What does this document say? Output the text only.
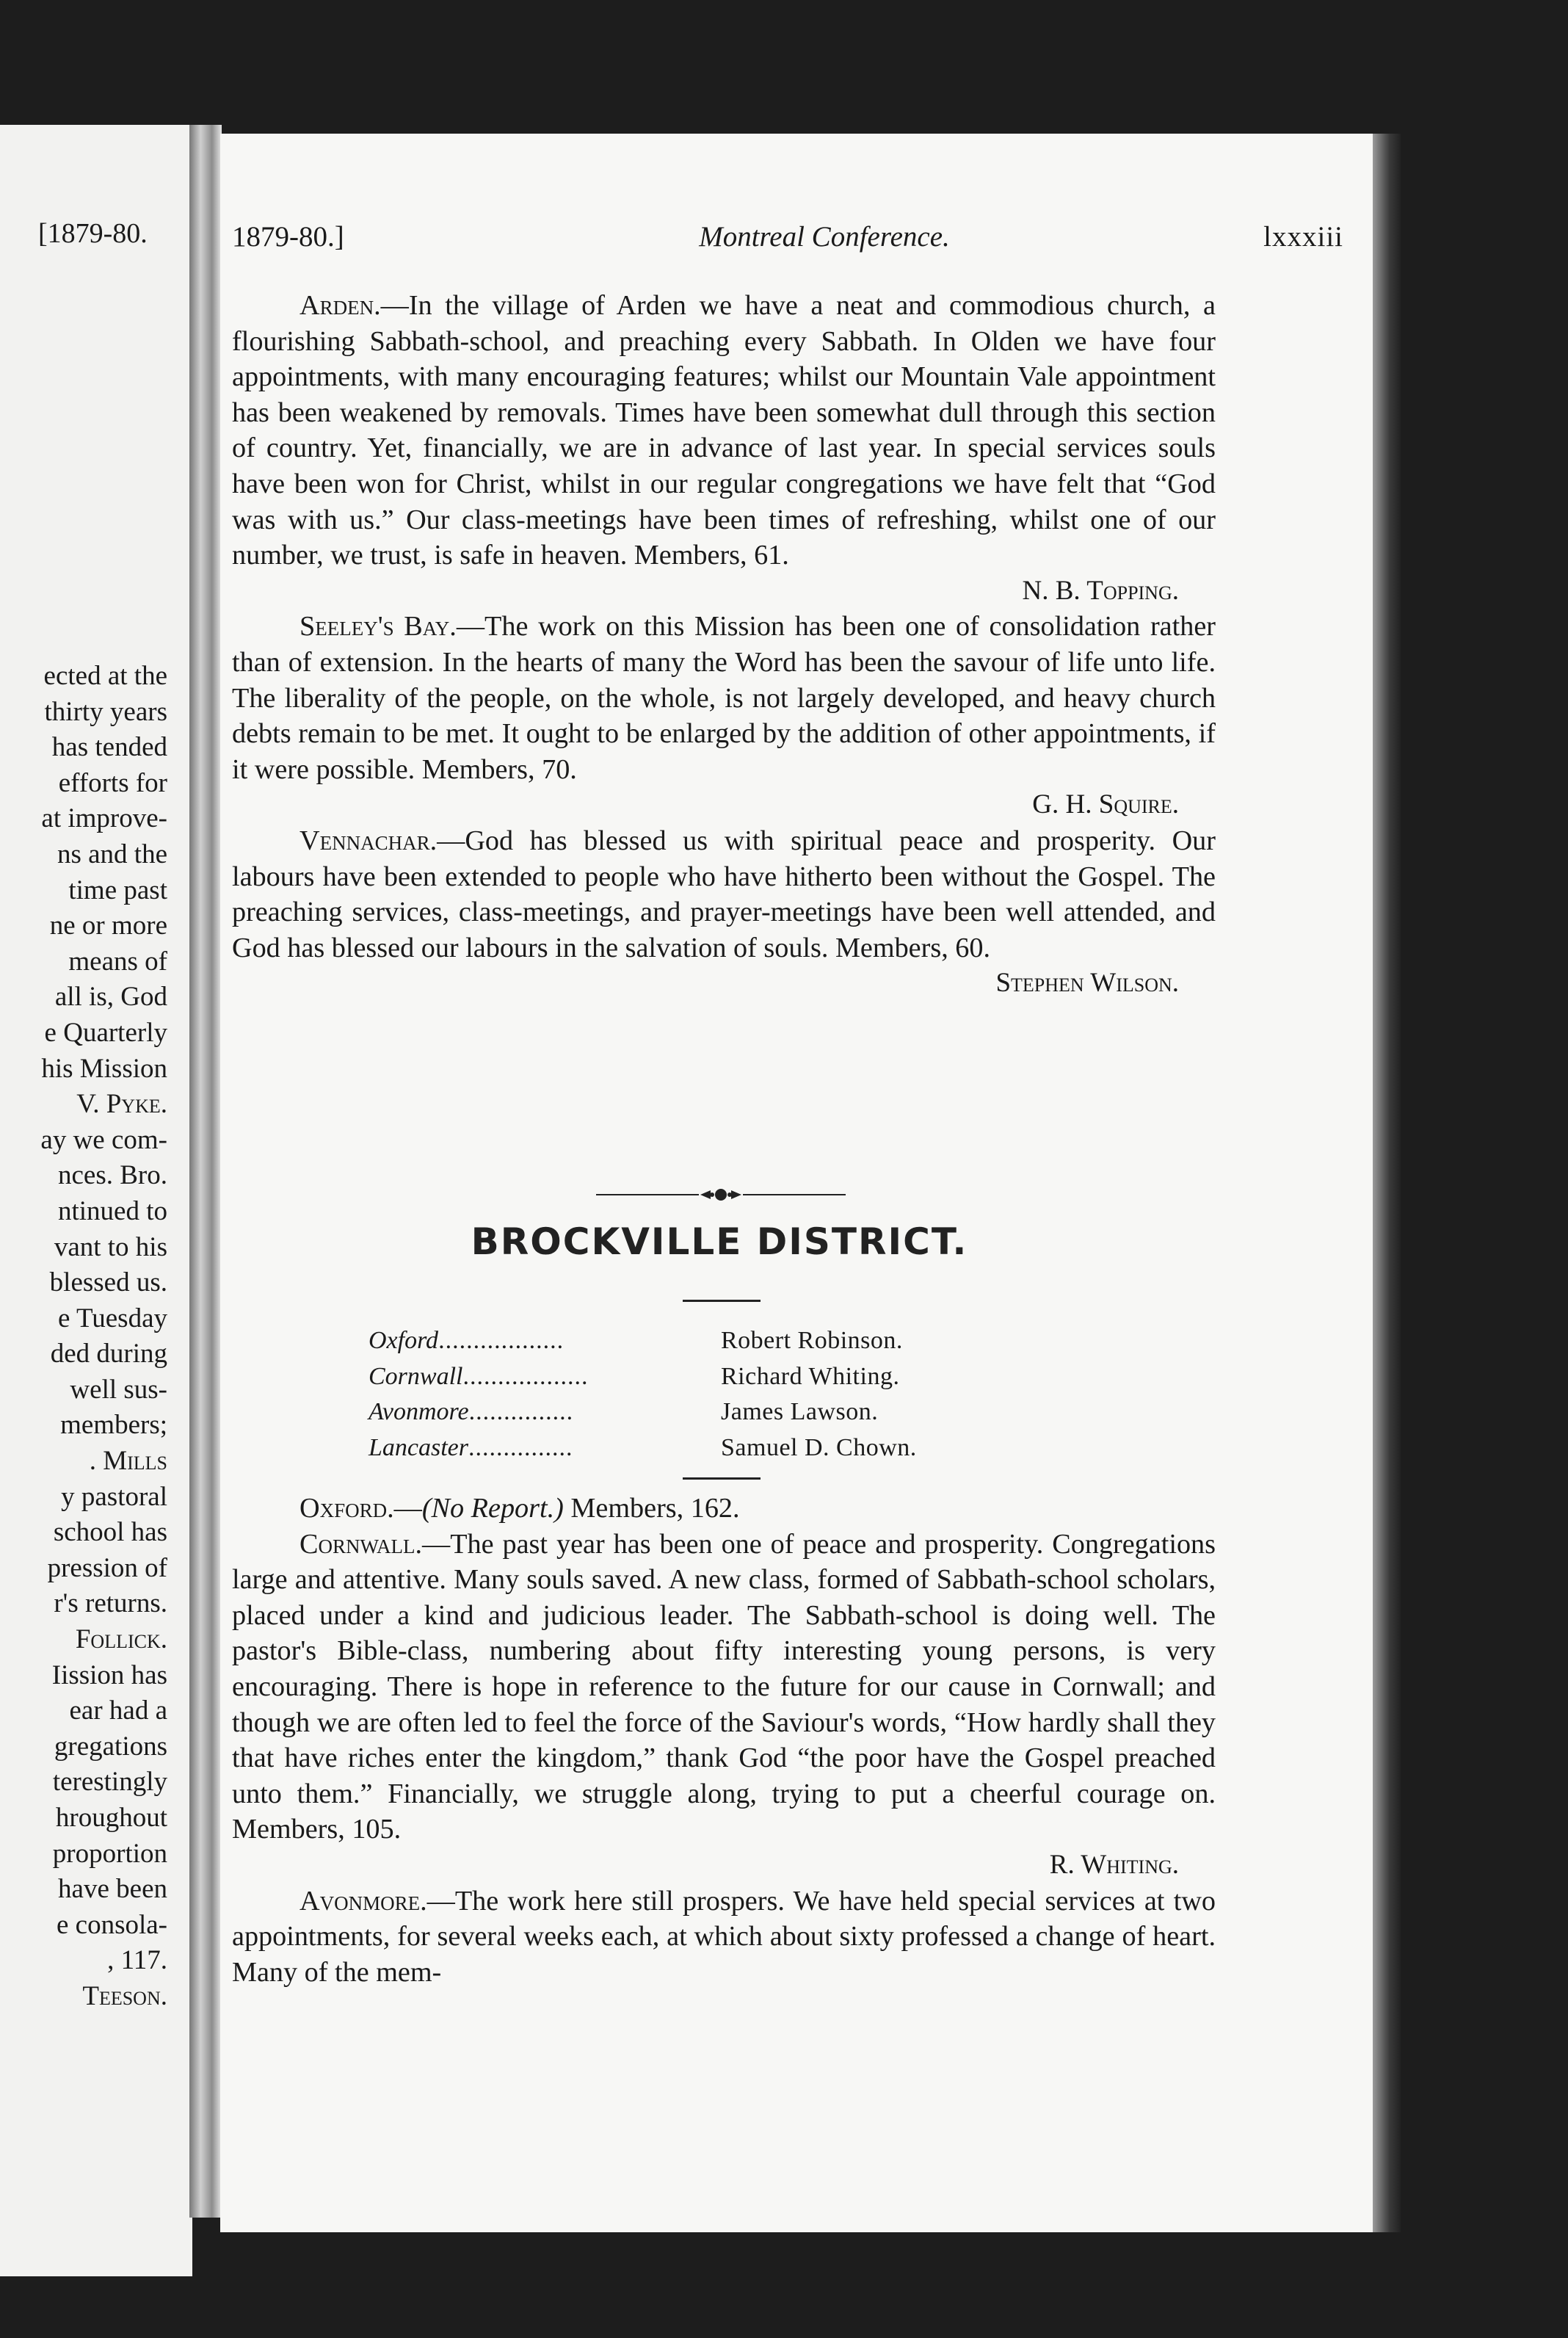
[1879-80.
ected at the
thirty years
has tended
efforts for
at improve-
ns and the
time past
ne or more
means of
all is, God
e Quarterly
his Mission
V. Pyke.
ay we com-
nces. Bro.
ntinued to
vant to his
blessed us.
e Tuesday
ded during
well sus-
members;
. Mills
y pastoral
school has
pression of
r's returns.
Follick.
Iission has
ear had a
gregations
terestingly
hroughout
proportion
have been
e consola-
, 117.
Teeson.
1879-80.]	Montreal Conference.	lxxxiii

Arden.—In the village of Arden we have a neat and commodious church, a flourishing Sabbath-school, and preaching every Sabbath. In Olden we have four appointments, with many encouraging features; whilst our Mountain Vale appointment has been weakened by removals. Times have been somewhat dull through this section of country. Yet, financially, we are in advance of last year. In special services souls have been won for Christ, whilst in our regular congregations we have felt that “God was with us.” Our class-meetings have been times of refreshing, whilst one of our number, we trust, is safe in heaven. Members, 61.

N. B. Topping.

Seeley's Bay.—The work on this Mission has been one of consolidation rather than of extension. In the hearts of many the Word has been the savour of life unto life. The liberality of the people, on the whole, is not largely developed, and heavy church debts remain to be met. It ought to be enlarged by the addition of other appointments, if it were possible. Members, 70.

G. H. Squire.

Vennachar.—God has blessed us with spiritual peace and prosperity. Our labours have been extended to people who have hitherto been without the Gospel. The preaching services, class-meetings, and prayer-meetings have been well attended, and God has blessed our labours in the salvation of souls. Members, 60.

Stephen Wilson.

BROCKVILLE DISTRICT.
Oxford..................	Robert Robinson.
Cornwall..................	Richard Whiting.
Avonmore...............	James Lawson.
Lancaster...............	Samuel D. Chown.

Oxford.—(No Report.) Members, 162.

Cornwall.—The past year has been one of peace and prosperity. Congregations large and attentive. Many souls saved. A new class, formed of Sabbath-school scholars, placed under a kind and judicious leader. The Sabbath-school is doing well. The pastor's Bible-class, numbering about fifty interesting young persons, is very encouraging. There is hope in reference to the future for our cause in Cornwall; and though we are often led to feel the force of the Saviour's words, “How hardly shall they that have riches enter the kingdom,” thank God “the poor have the Gospel preached unto them.” Financially, we struggle along, trying to put a cheerful courage on. Members, 105.

R. Whiting.

Avonmore.—The work here still prospers. We have held special services at two appointments, for several weeks each, at which about sixty professed a change of heart. Many of the mem-
